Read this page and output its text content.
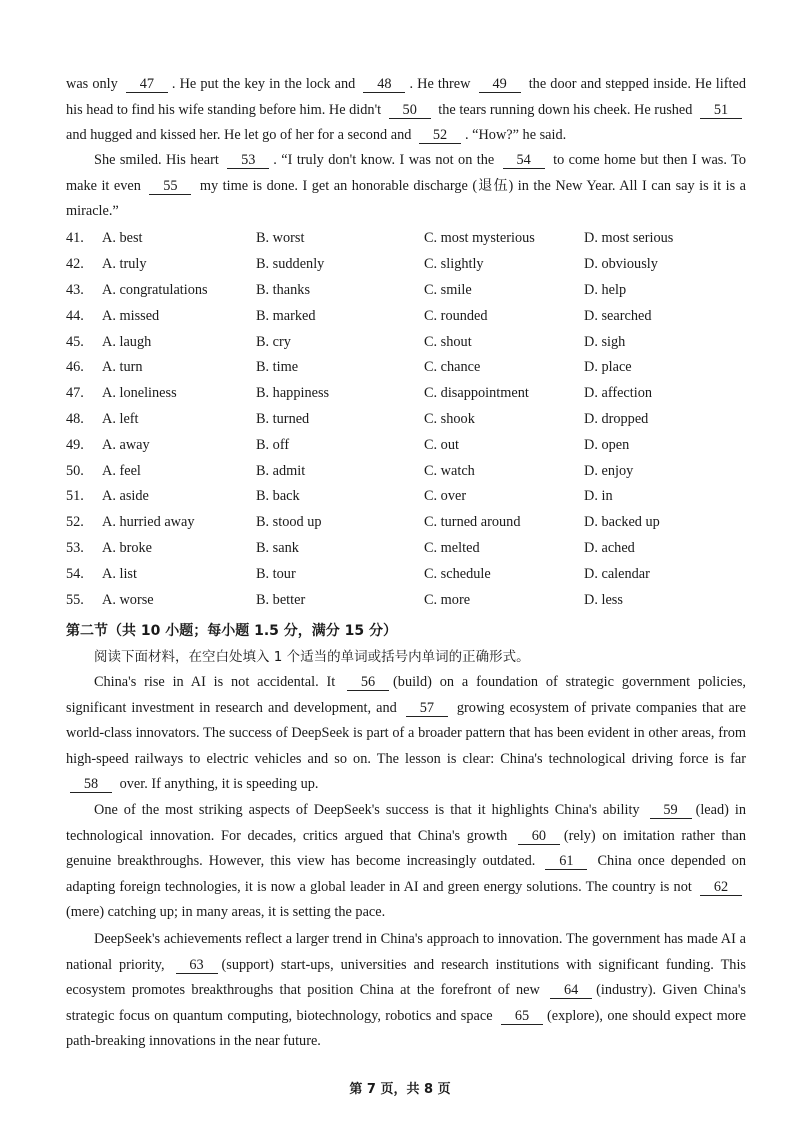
was only 47 . He put the key in the lock and 48 . He threw 49 the door and stepped inside. He lifted his head to find his wife standing before him. He didn't 50 the tears running down his cheek. He rushed 51 and hugged and kissed her. He let go of her for a second and 52 . “How?” he said.
She smiled. His heart 53 . “I truly don't know. I was not on the 54 to come home but then I was. To make it even 55 my time is done. I get an honorable discharge (退伍) in the New Year. All I can say is it is a miracle.”
41.	A. best	B. worst	C. most mysterious	D. most serious
42.	A. truly	B. suddenly	C. slightly	D. obviously
43.	A. congratulations	B. thanks	C. smile	D. help
44.	A. missed	B. marked	C. rounded	D. searched
45.	A. laugh	B. cry	C. shout	D. sigh
46.	A. turn	B. time	C. chance	D. place
47.	A. loneliness	B. happiness	C. disappointment	D. affection
48.	A. left	B. turned	C. shook	D. dropped
49.	A. away	B. off	C. out	D. open
50.	A. feel	B. admit	C. watch	D. enjoy
51.	A. aside	B. back	C. over	D. in
52.	A. hurried away	B. stood up	C. turned around	D. backed up
53.	A. broke	B. sank	C. melted	D. ached
54.	A. list	B. tour	C. schedule	D. calendar
55.	A. worse	B. better	C. more	D. less
第二节（共 10 小题；每小题 1.5 分，满分 15 分）
阅读下面材料，在空白处填入 1 个适当的单词或括号内单词的正确形式。
China's rise in AI is not accidental. It 56 (build) on a foundation of strategic government policies, significant investment in research and development, and 57 growing ecosystem of private companies that are world-class innovators. The success of DeepSeek is part of a broader pattern that has been evident in other areas, from high-speed railways to electric vehicles and so on. The lesson is clear: China's technological driving force is far 58 over. If anything, it is speeding up.
One of the most striking aspects of DeepSeek's success is that it highlights China's ability 59 (lead) in technological innovation. For decades, critics argued that China's growth 60 (rely) on imitation rather than genuine breakthroughs. However, this view has become increasingly outdated. 61 China once depended on adapting foreign technologies, it is now a global leader in AI and green energy solutions. The country is not 62 (mere) catching up; in many areas, it is setting the pace.
DeepSeek's achievements reflect a larger trend in China's approach to innovation. The government has made AI a national priority, 63 (support) start-ups, universities and research institutions with significant funding. This ecosystem promotes breakthroughs that position China at the forefront of new 64 (industry). Given China's strategic focus on quantum computing, biotechnology, robotics and space 65 (explore), one should expect more path-breaking innovations in the near future.
第 7 页，共 8 页
